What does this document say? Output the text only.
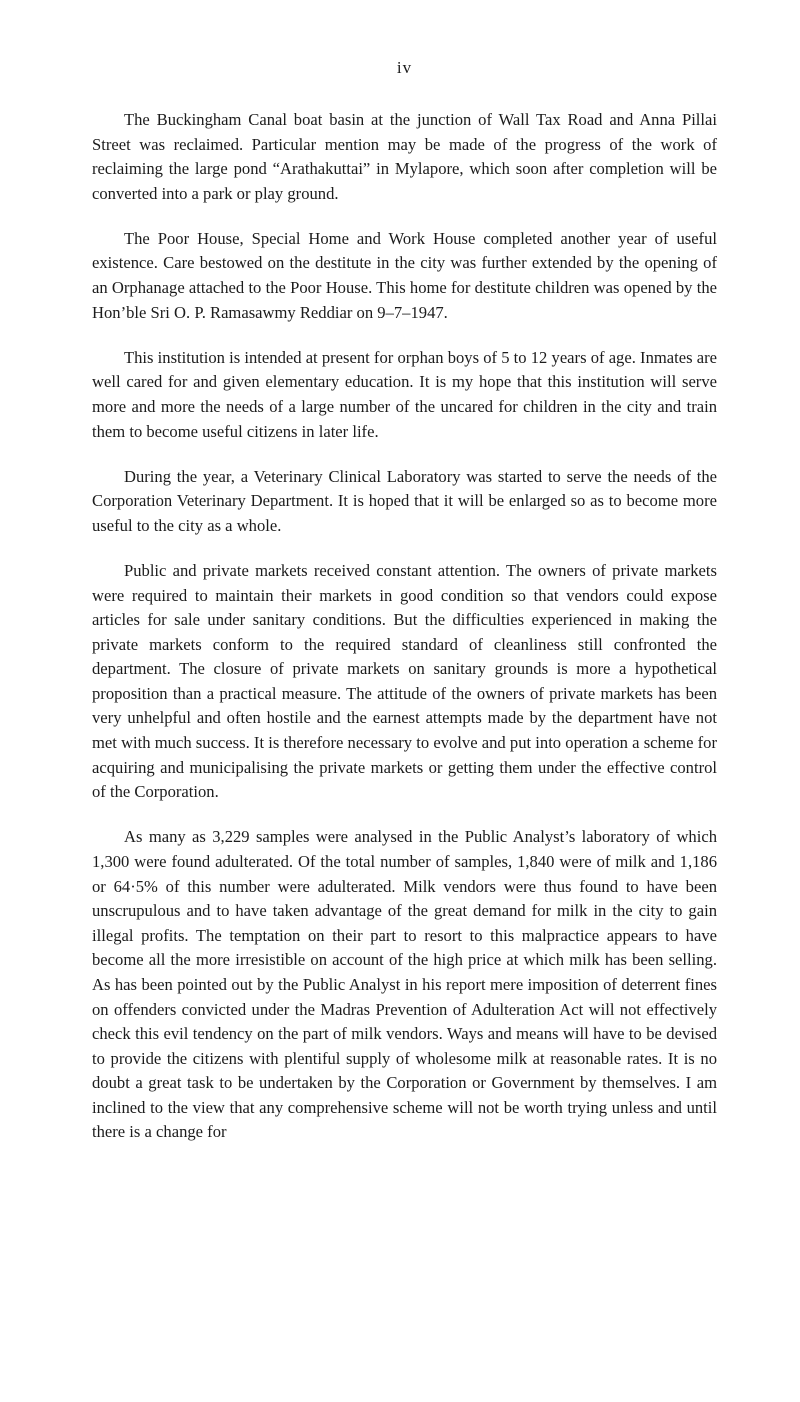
iv

The Buckingham Canal boat basin at the junction of Wall Tax Road and Anna Pillai Street was reclaimed. Particular mention may be made of the progress of the work of reclaiming the large pond “Arathakuttai” in Mylapore, which soon after completion will be converted into a park or play ground.

The Poor House, Special Home and Work House completed another year of useful existence. Care bestowed on the destitute in the city was further extended by the opening of an Orphanage attached to the Poor House. This home for destitute children was opened by the Hon’ble Sri O. P. Ramasawmy Reddiar on 9–7–1947.

This institution is intended at present for orphan boys of 5 to 12 years of age. Inmates are well cared for and given elementary education. It is my hope that this institution will serve more and more the needs of a large number of the uncared for children in the city and train them to become useful citizens in later life.

During the year, a Veterinary Clinical Laboratory was started to serve the needs of the Corporation Veterinary Department. It is hoped that it will be enlarged so as to become more useful to the city as a whole.

Public and private markets received constant attention. The owners of private markets were required to maintain their markets in good condition so that vendors could expose articles for sale under sanitary conditions. But the difficulties experienced in making the private markets conform to the required standard of cleanliness still confronted the department. The closure of private markets on sanitary grounds is more a hypothetical proposition than a practical measure. The attitude of the owners of private markets has been very unhelpful and often hostile and the earnest attempts made by the department have not met with much success. It is therefore necessary to evolve and put into operation a scheme for acquiring and municipalising the private markets or getting them under the effective control of the Corporation.

As many as 3,229 samples were analysed in the Public Analyst’s laboratory of which 1,300 were found adulterated. Of the total number of samples, 1,840 were of milk and 1,186 or 64·5% of this number were adulterated. Milk vendors were thus found to have been unscrupulous and to have taken advantage of the great demand for milk in the city to gain illegal profits. The temptation on their part to resort to this malpractice appears to have become all the more irresistible on account of the high price at which milk has been selling. As has been pointed out by the Public Analyst in his report mere imposition of deterrent fines on offenders convicted under the Madras Prevention of Adulteration Act will not effectively check this evil tendency on the part of milk vendors. Ways and means will have to be devised to provide the citizens with plentiful supply of wholesome milk at reasonable rates. It is no doubt a great task to be undertaken by the Corporation or Government by themselves. I am inclined to the view that any comprehensive scheme will not be worth trying unless and until there is a change for
